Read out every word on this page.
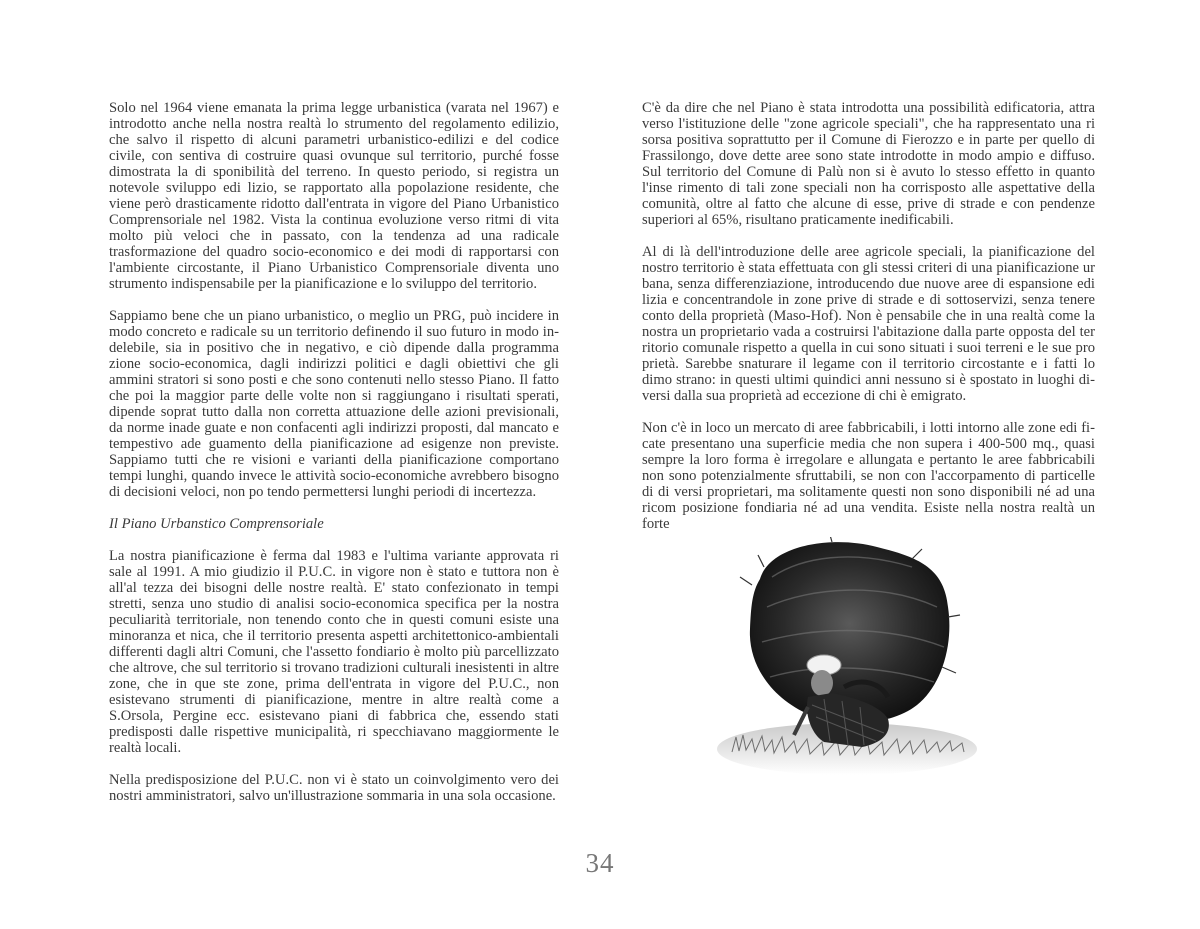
Solo nel 1964 viene emanata la prima legge urbanistica (varata nel 1967) e introdotto anche nella nostra realtà lo strumento del regolamento edilizio, che salvo il rispetto di alcuni parametri urbanistico-edilizi e del codice civile, con sentiva di costruire quasi ovunque sul territorio, purché fosse dimostrata la di sponibilità del terreno. In questo periodo, si registra un notevole sviluppo edi lizio, se rapportato alla popolazione residente, che viene però drasticamente ridotto dall'entrata in vigore del Piano Urbanistico Comprensoriale nel 1982. Vista la continua evoluzione verso ritmi di vita molto più veloci che in passato, con la tendenza ad una radicale trasformazione del quadro socio-economico e dei modi di rapportarsi con l'ambiente circostante, il Piano Urbanistico Comprensoriale diventa uno strumento indispensabile per la pianificazione e lo sviluppo del territorio.

Sappiamo bene che un piano urbanistico, o meglio un PRG, può incidere in modo concreto e radicale su un territorio definendo il suo futuro in modo indelebile, sia in positivo che in negativo, e ciò dipende dalla programma zione socio-economica, dagli indirizzi politici e dagli obiettivi che gli ammini stratori si sono posti e che sono contenuti nello stesso Piano. Il fatto che poi la maggior parte delle volte non si raggiungano i risultati sperati, dipende soprat tutto dalla non corretta attuazione delle azioni previsionali, da norme inade guate e non confacenti agli indirizzi proposti, dal mancato e tempestivo ade guamento della pianificazione ad esigenze non previste. Sappiamo tutti che re visioni e varianti della pianificazione comportano tempi lunghi, quando invece le attività socio-economiche avrebbero bisogno di decisioni veloci, non po tendo permettersi lunghi periodi di incertezza.

Il Piano Urbanstico Comprensoriale

La nostra pianificazione è ferma dal 1983 e l'ultima variante approvata ri sale al 1991. A mio giudizio il P.U.C. in vigore non è stato e tuttora non è all'al tezza dei bisogni delle nostre realtà. E' stato confezionato in tempi stretti, senza uno studio di analisi socio-economica specifica per la nostra peculiarità territoriale, non tenendo conto che in questi comuni esiste una minoranza et nica, che il territorio presenta aspetti architettonico-ambientali differenti dagli altri Comuni, che l'assetto fondiario è molto più parcellizzato che altrove, che sul territorio si trovano tradizioni culturali inesistenti in altre zone, che in que ste zone, prima dell'entrata in vigore del P.U.C., non esistevano strumenti di pianificazione, mentre in altre realtà come a S.Orsola, Pergine ecc. esistevano piani di fabbrica che, essendo stati predisposti dalle rispettive municipalità, ri specchiavano maggiormente le realtà locali.

Nella predisposizione del P.U.C. non vi è stato un coinvolgimento vero dei nostri amministratori, salvo un'illustrazione sommaria in una sola occasione.

C'è da dire che nel Piano è stata introdotta una possibilità edificatoria, attra verso l'istituzione delle "zone agricole speciali", che ha rappresentato una ri sorsa positiva soprattutto per il Comune di Fierozzo e in parte per quello di Frassilongo, dove dette aree sono state introdotte in modo ampio e diffuso. Sul territorio del Comune di Palù non si è avuto lo stesso effetto in quanto l'inse rimento di tali zone speciali non ha corrisposto alle aspettative della comunità, oltre al fatto che alcune di esse, prive di strade e con pendenze superiori al 65%, risultano praticamente inedificabili.

Al di là dell'introduzione delle aree agricole speciali, la pianificazione del nostro territorio è stata effettuata con gli stessi criteri di una pianificazione ur bana, senza differenziazione, introducendo due nuove aree di espansione edi lizia e concentrandole in zone prive di strade e di sottoservizi, senza tenere conto della proprietà (Maso-Hof). Non è pensabile che in una realtà come la nostra un proprietario vada a costruirsi l'abitazione dalla parte opposta del ter ritorio comunale rispetto a quella in cui sono situati i suoi terreni e le sue pro prietà. Sarebbe snaturare il legame con il territorio circostante e i fatti lo dimo strano: in questi ultimi quindici anni nessuno si è spostato in luoghi diversi dalla sua proprietà ad eccezione di chi è emigrato.

Non c'è in loco un mercato di aree fabbricabili, i lotti intorno alle zone edi ficate presentano una superficie media che non supera i 400-500 mq., quasi sempre la loro forma è irregolare e allungata e pertanto le aree fabbricabili non sono potenzialmente sfruttabili, se non con l'accorpamento di particelle di di versi proprietari, ma solitamente questi non sono disponibili né ad una ricom posizione fondiaria né ad una vendita. Esiste nella nostra realtà un forte

34
